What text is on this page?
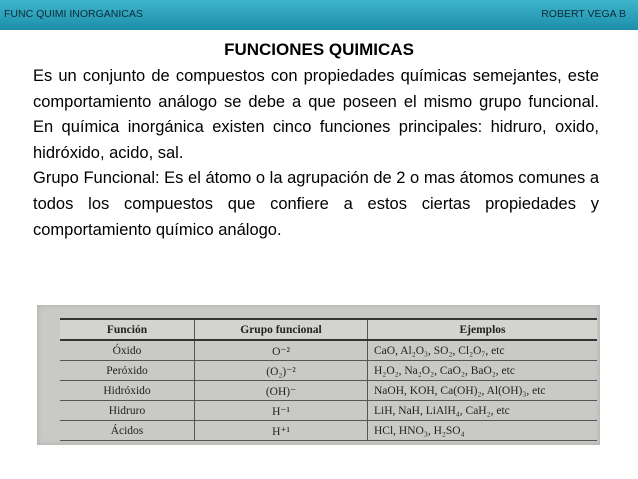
FUNC QUIMI INORGANICAS	ROBERT VEGA B
FUNCIONES QUIMICAS

Es un conjunto de compuestos con propiedades químicas semejantes, este comportamiento análogo se debe a que poseen el mismo grupo funcional. En química inorgánica existen cinco funciones principales: hidruro, oxido, hidróxido, acido, sal.

Grupo Funcional: Es el átomo o la agrupación de 2 o mas átomos comunes a todos los compuestos que confiere a estos ciertas propiedades y comportamiento químico análogo.

Función	Grupo funcional	Ejemplos
Óxido	O⁻²	CaO, Al₂O₃, SO₂, Cl₂O₇, etc
Peróxido	(O₂)⁻²	H₂O₂, Na₂O₂, CaO₂, BaO₂, etc
Hidróxido	(OH)⁻	NaOH, KOH, Ca(OH)₂, Al(OH)₃, etc
Hidruro	H⁻¹	LiH, NaH, LiAlH₄, CaH₂, etc
Ácidos	H⁺¹	HCl, HNO₃, H₂SO₄
